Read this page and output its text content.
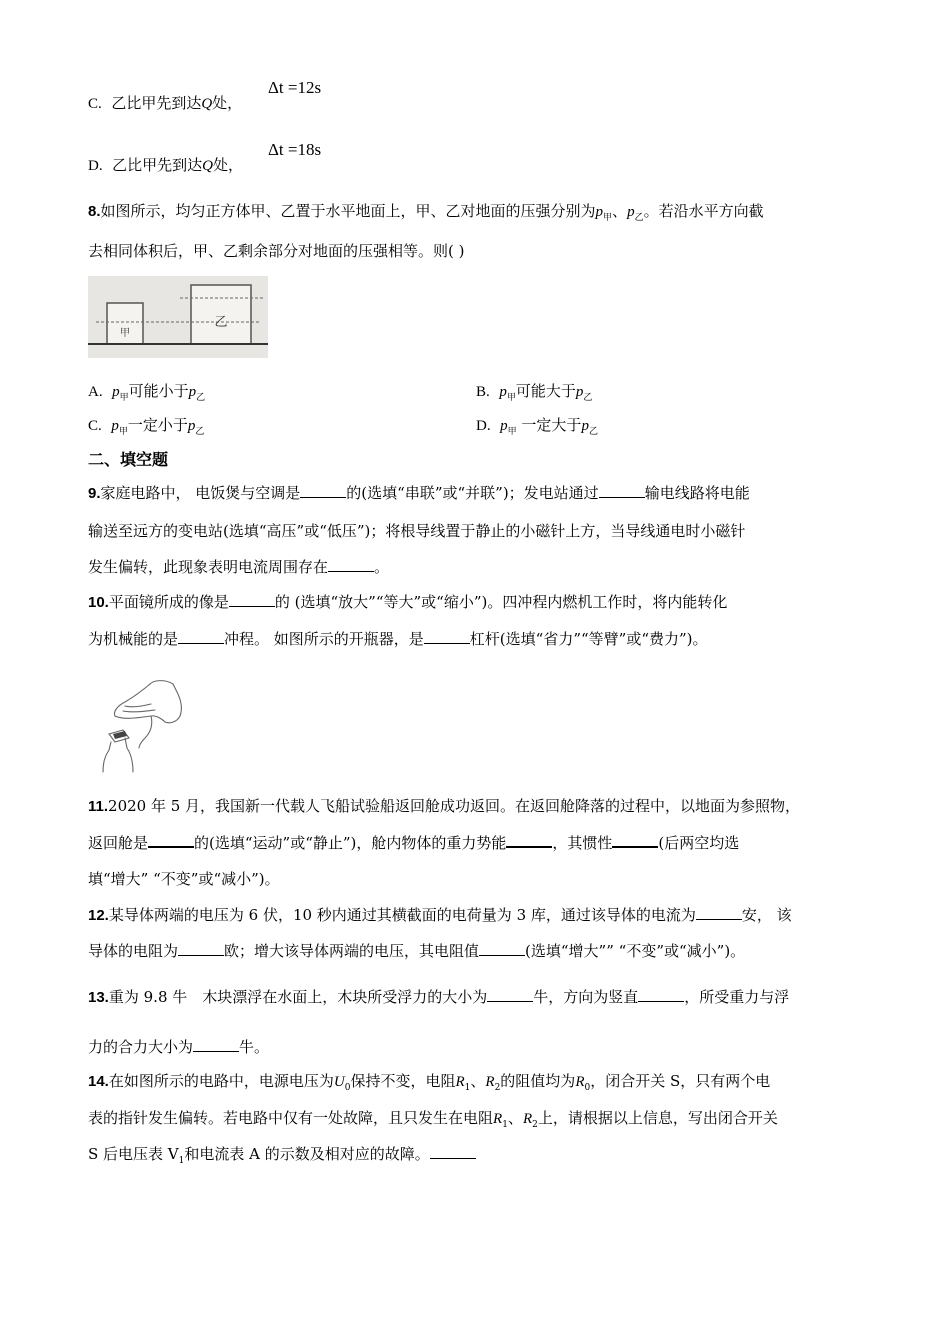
C. 乙比甲先到达Q处，
Δt =12s
D. 乙比甲先到达Q处，
Δt =18s
8.如图所示，均匀正方体甲、乙置于水平地面上，甲、乙对地面的压强分别为$p_甲$、$p_乙$。若沿水平方向截
去相同体积后，甲、乙剩余部分对地面的压强相等。则( )
甲
乙
A. $p_甲$可能小于$p_乙$	B. $p_甲$可能大于$p_乙$
C. $p_甲$一定小于$p_乙$	D. $p_甲$ 一定大于$p_乙$
二、填空题
9.家庭电路中， 电饭煲与空调是	的(选填“串联”或“并联”)；发电站通过	输电线路将电能
输送至远方的变电站(选填“高压”或“低压”)；将根导线置于静止的小磁针上方，当导线通电时小磁针
发生偏转，此现象表明电流周围存在	。
10.平面镜所成的像是	的 (选填“放大”“等大”或“缩小”)。四冲程内燃机工作时，将内能转化
为机械能的是	冲程。 如图所示的开瓶器，是	杠杆(选填“省力”“等臂”或“费力”)。
11.2020 年 5 月，我国新一代载人飞船试验船返回舱成功返回。在返回舱降落的过程中，以地面为参照物，
返回舱是	的(选填“运动”或“静止”)，舱内物体的重力势能	，其惯性	(后两空均选
填“增大” “不变”或“减小”)。
12.某导体两端的电压为 6 伏，10 秒内通过其横截面的电荷量为 3 库，通过该导体的电流为	安， 该
导体的电阻为	欧；增大该导体两端的电压，其电阻值	(选填“增大”” “不变”或“减小”)。
13.重为 9.8 牛　木块漂浮在水面上，木块所受浮力的大小为	牛，方向为竖直	，所受重力与浮
力的合力大小为	牛。
14.在如图所示的电路中，电源电压为$U_0$保持不变，电阻$R_1$、$R_2$的阻值均为$R_0$，闭合开关 S，只有两个电
表的指针发生偏转。若电路中仅有一处故障，且只发生在电阻$R_1$、$R_2$上，请根据以上信息，写出闭合开关
S 后电压表 $V_1$和电流表 A 的示数及相对应的故障。
